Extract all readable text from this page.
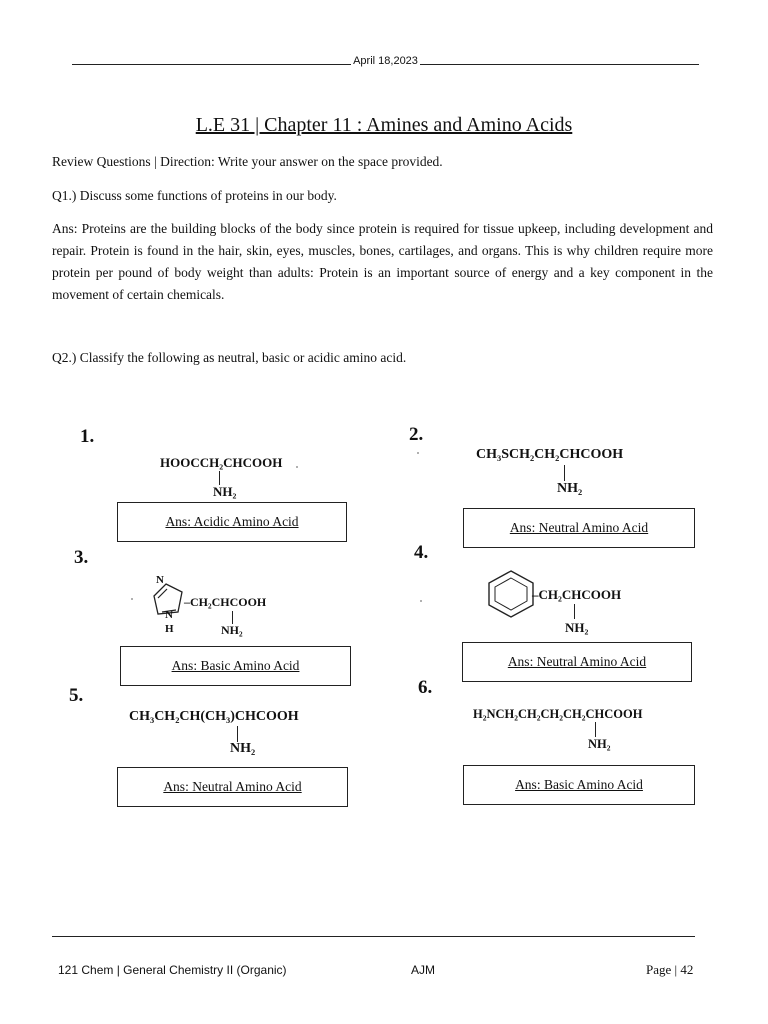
April 18,2023
L.E 31 | Chapter 11 : Amines and Amino Acids
Review Questions | Direction: Write your answer on the space provided.
Q1.) Discuss some functions of proteins in our body.
Ans: Proteins are the building blocks of the body since protein is required for tissue upkeep, including development and repair. Protein is found in the hair, skin, eyes, muscles, bones, cartilages, and organs. This is why children require more protein per pound of body weight than adults: Protein is an important source of energy and a key component in the movement of certain chemicals.
Q2.) Classify the following as neutral, basic or acidic amino acid.
1.
HOOCCH₂CHCOOH
NH₂
Ans: Acidic Amino Acid
2.
CH₃SCH₂CH₂CHCOOH
NH₂
Ans: Neutral Amino Acid
3.
N
N
H
–CH₂CHCOOH
NH₂
Ans: Basic Amino Acid
4.
–CH₂CHCOOH
NH₂
Ans: Neutral Amino Acid
5.
CH₃CH₂CH(CH₃)CHCOOH
NH₂
Ans: Neutral Amino Acid
6.
H₂NCH₂CH₂CH₂CH₂CHCOOH
NH₂
Ans: Basic Amino Acid
121 Chem | General Chemistry II (Organic)	AJM	Page | 42
